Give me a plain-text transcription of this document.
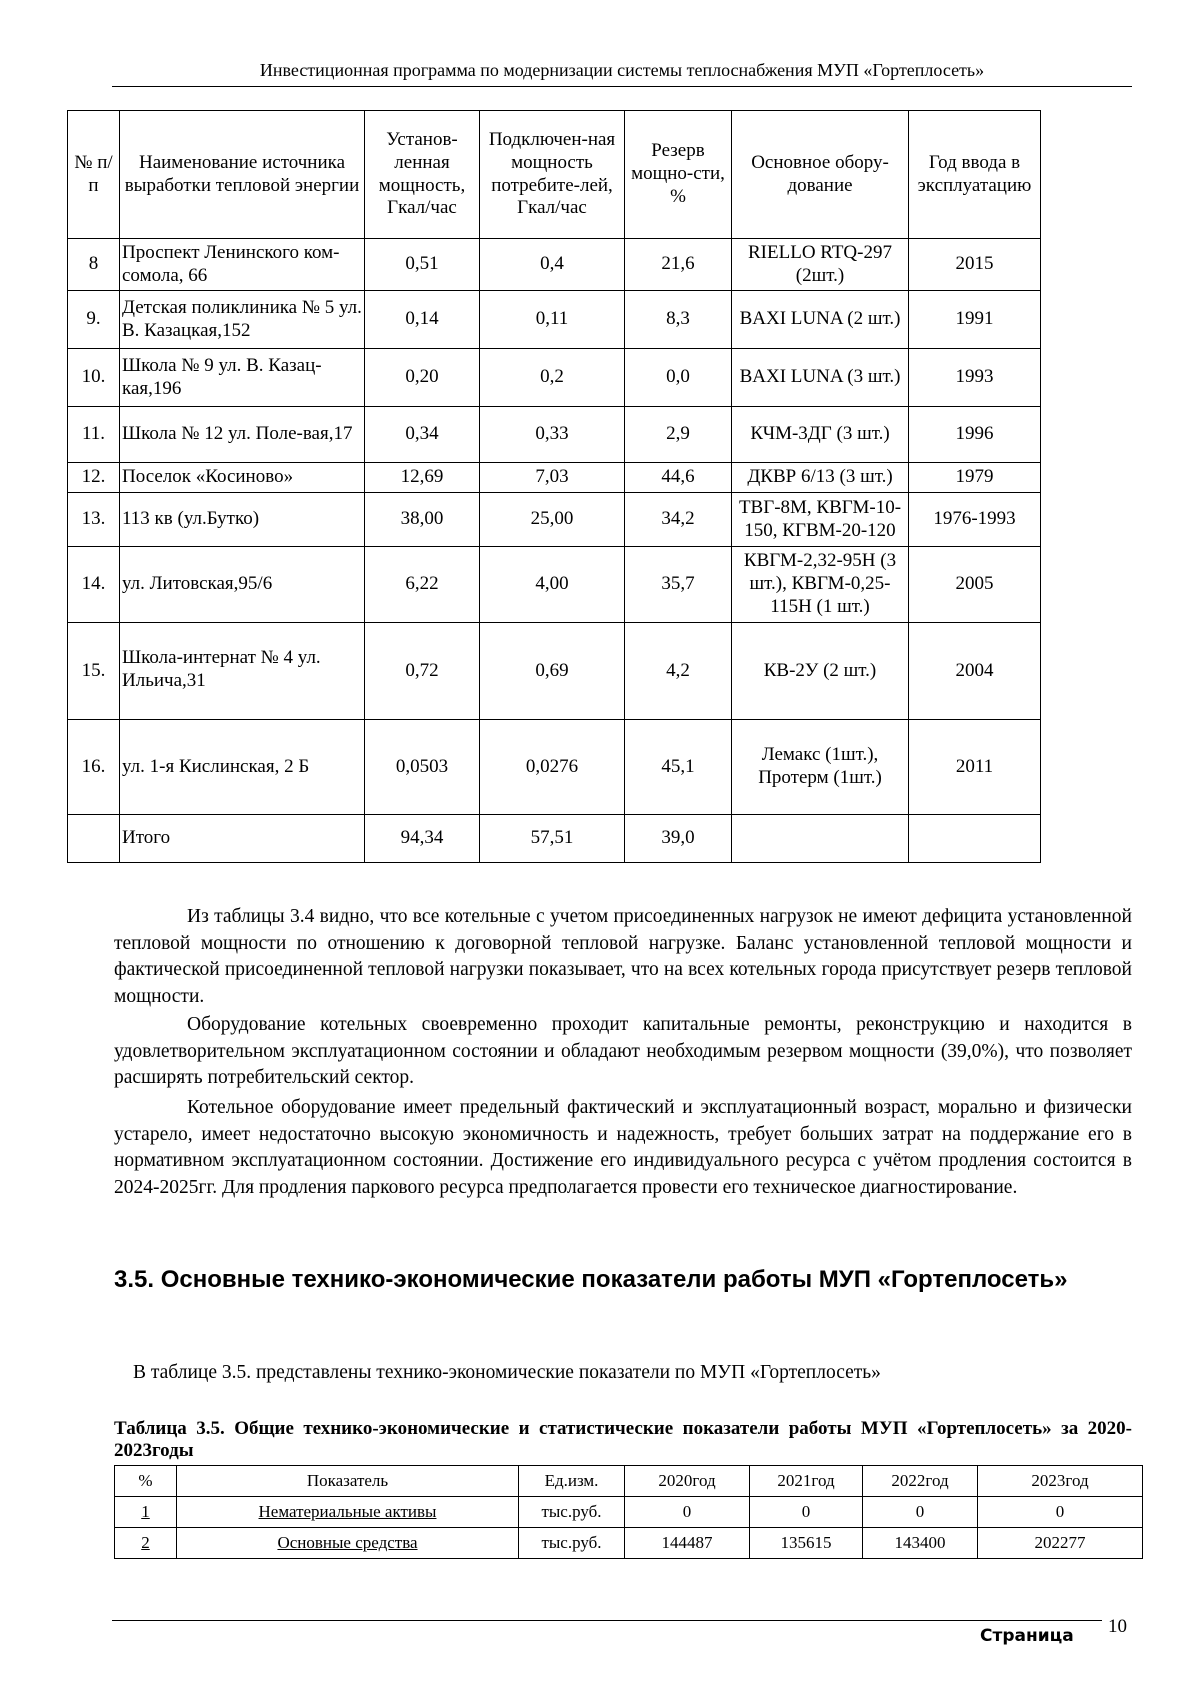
Инвестиционная программа по модернизации системы теплоснабжения МУП «Гортеплосеть»
№ п/п	Наименование источника выработки тепловой энергии	Установ-ленная мощность, Гкал/час	Подключен-ная мощность потребите-лей, Гкал/час	Резерв мощно-сти, %	Основное обору-дование	Год ввода в эксплуатацию
8	Проспект Ленинского ком-сомола, 66	0,51	0,4	21,6	RIELLO RTQ-297 (2шт.)	2015
9.	Детская поликлиника № 5 ул. В. Казацкая,152	0,14	0,11	8,3	BAXI LUNA (2 шт.)	1991
10.	Школа № 9 ул. В. Казац-кая,196	0,20	0,2	0,0	BAXI LUNA (3 шт.)	1993
11.	Школа № 12 ул. Поле-вая,17	0,34	0,33	2,9	КЧМ-3ДГ (3 шт.)	1996
12.	Поселок «Косиново»	12,69	7,03	44,6	ДКВР 6/13 (3 шт.)	1979
13.	113 кв (ул.Бутко)	38,00	25,00	34,2	ТВГ-8М, КВГМ-10-150, КГВМ-20-120	1976-1993
14.	ул. Литовская,95/6	6,22	4,00	35,7	КВГМ-2,32-95Н (3 шт.), КВГМ-0,25-115Н (1 шт.)	2005
15.	Школа-интернат № 4 ул. Ильича,31	0,72	0,69	4,2	КВ-2У (2 шт.)	2004
16.	ул. 1-я Кислинская, 2 Б	0,0503	0,0276	45,1	Лемакс (1шт.), Протерм (1шт.)	2011
	Итого	94,34	57,51	39,0		

Из таблицы 3.4 видно, что все котельные с учетом присоединенных нагрузок не имеют дефицита установленной тепловой мощности по отношению к договорной тепловой нагрузке. Баланс установленной тепловой мощности и фактической присоединенной тепловой нагрузки показывает, что на всех котельных города присутствует резерв тепловой мощности.

Оборудование котельных своевременно проходит капитальные ремонты, реконструкцию и находится в удовлетворительном эксплуатационном состоянии и обладают необходимым резервом мощности (39,0%), что позволяет расширять потребительский сектор.

Котельное оборудование имеет предельный фактический и эксплуатационный возраст, морально и физически устарело, имеет недостаточно высокую экономичность и надежность, требует больших затрат на поддержание его в нормативном эксплуатационном состоянии. Достижение его индивидуального ресурса с учётом продления состоится в 2024-2025гг. Для продления паркового ресурса предполагается провести его техническое диагностирование.

3.5. Основные технико-экономические показатели работы МУП «Гортеплосеть»
В таблице 3.5. представлены технико-экономические показатели по МУП «Гортеплосеть»
Таблица 3.5. Общие технико-экономические и статистические показатели работы МУП «Гортеплосеть» за 2020-2023годы
%	Показатель	Ед.изм.	2020год	2021год	2022год	2023год
1	Нематериальные активы	тыс.руб.	0	0	0	0
2	Основные средства	тыс.руб.	144487	135615	143400	202277
Страница 10
